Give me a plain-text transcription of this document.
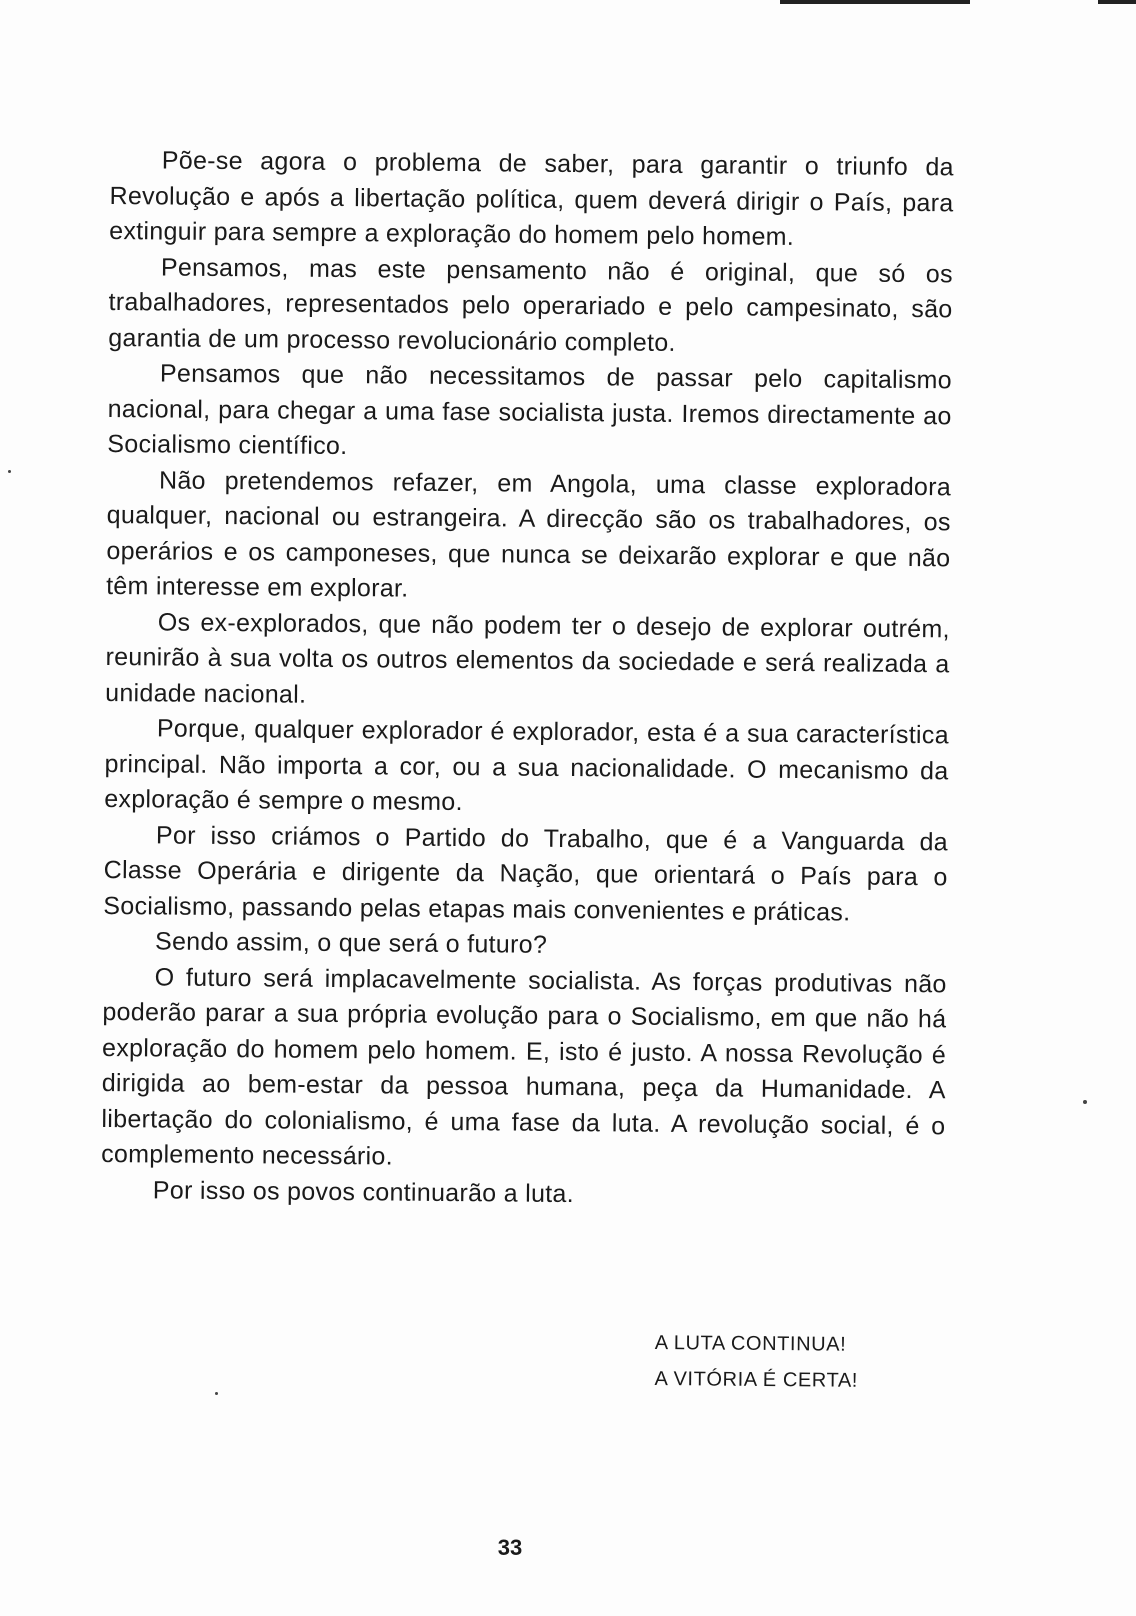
Põe-se agora o problema de saber, para garantir o triunfo da Revolução e após a libertação política, quem deverá dirigir o País, para extinguir para sempre a exploração do homem pelo homem.

Pensamos, mas este pensamento não é original, que só os trabalhadores, representados pelo operariado e pelo campesinato, são garantia de um processo revolucionário completo.

Pensamos que não necessitamos de passar pelo capitalismo nacional, para chegar a uma fase socialista justa. Iremos directamente ao Socialismo científico.

Não pretendemos refazer, em Angola, uma classe exploradora qualquer, nacional ou estrangeira. A direcção são os trabalhadores, os operários e os camponeses, que nunca se deixarão explorar e que não têm interesse em explorar.

Os ex-explorados, que não podem ter o desejo de explorar outrém, reunirão à sua volta os outros elementos da sociedade e será realizada a unidade nacional.

Porque, qualquer explorador é explorador, esta é a sua característica principal. Não importa a cor, ou a sua nacionalidade. O mecanismo da exploração é sempre o mesmo.

Por isso criámos o Partido do Trabalho, que é a Vanguarda da Classe Operária e dirigente da Nação, que orientará o País para o Socialismo, passando pelas etapas mais convenientes e práticas.

Sendo assim, o que será o futuro?

O futuro será implacavelmente socialista. As forças produtivas não poderão parar a sua própria evolução para o Socialismo, em que não há exploração do homem pelo homem. E, isto é justo. A nossa Revolução é dirigida ao bem-estar da pessoa humana, peça da Humanidade. A libertação do colonialismo, é uma fase da luta. A revolução social, é o complemento necessário.

Por isso os povos continuarão a luta.

A LUTA CONTINUA!
A VITÓRIA É CERTA!
33
